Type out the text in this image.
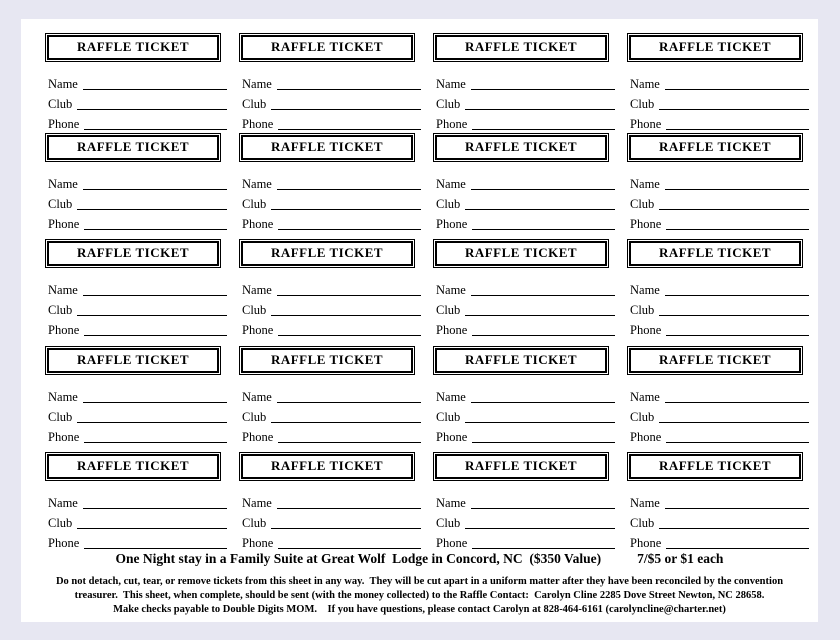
RAFFLE TICKET
Name
Club
Phone
RAFFLE TICKET
Name
Club
Phone
RAFFLE TICKET
Name
Club
Phone
RAFFLE TICKET
Name
Club
Phone
RAFFLE TICKET
Name
Club
Phone
RAFFLE TICKET
Name
Club
Phone
RAFFLE TICKET
Name
Club
Phone
RAFFLE TICKET
Name
Club
Phone
RAFFLE TICKET
Name
Club
Phone
RAFFLE TICKET
Name
Club
Phone
RAFFLE TICKET
Name
Club
Phone
RAFFLE TICKET
Name
Club
Phone
RAFFLE TICKET
Name
Club
Phone
RAFFLE TICKET
Name
Club
Phone
RAFFLE TICKET
Name
Club
Phone
RAFFLE TICKET
Name
Club
Phone
RAFFLE TICKET
Name
Club
Phone
RAFFLE TICKET
Name
Club
Phone
RAFFLE TICKET
Name
Club
Phone
RAFFLE TICKET
Name
Club
Phone
One Night stay in a Family Suite at Great Wolf  Lodge in Concord, NC  ($350 Value)	7/$5 or $1 each
Do not detach, cut, tear, or remove tickets from this sheet in any way.  They will be cut apart in a uniform matter after they have been reconciled by the convention
treasurer.  This sheet, when complete, should be sent (with the money collected) to the Raffle Contact:  Carolyn Cline 2285 Dove Street Newton, NC 28658.
Make checks payable to Double Digits MOM.    If you have questions, please contact Carolyn at 828-464-6161 (carolyncline@charter.net)
